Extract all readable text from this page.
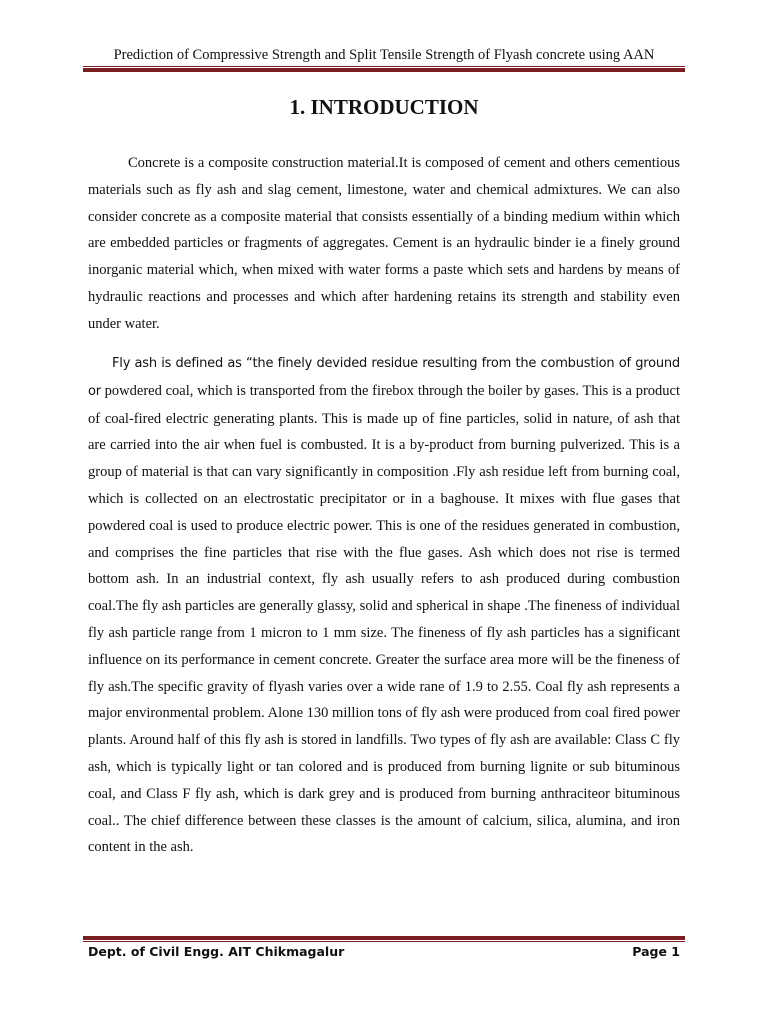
Prediction of Compressive Strength and Split Tensile Strength of Flyash concrete using AAN
1. INTRODUCTION

Concrete is a composite construction material.It is composed of cement and others cementious materials such as fly ash and slag cement, limestone, water and chemical admixtures. We can also consider concrete as a composite material that consists essentially of a binding medium within which are embedded particles or fragments of aggregates. Cement is an hydraulic binder ie a finely ground inorganic material which, when mixed with water forms a paste which sets and hardens by means of hydraulic reactions and processes and which after hardening retains its strength and stability even under water.

Fly ash is defined as “the finely devided residue resulting from the combustion of ground or powdered coal, which is transported from the firebox through the boiler by gases. This is a product of coal-fired electric generating plants. This is made up of fine particles, solid in nature, of ash that are carried into the air when fuel is combusted. It is a by-product from burning pulverized. This is a group of material is that can vary significantly in composition .Fly ash residue left from burning coal, which is collected on an electrostatic precipitator or in a baghouse. It mixes with flue gases that powdered coal is used to produce electric power. This is one of the residues generated in combustion, and comprises the fine particles that rise with the flue gases. Ash which does not rise is termed bottom ash. In an industrial context, fly ash usually refers to ash produced during combustion coal.The fly ash particles are generally glassy, solid and spherical in shape .The fineness of individual fly ash particle range from 1 micron to 1 mm size. The fineness of fly ash particles has a significant influence on its performance in cement concrete. Greater the surface area more will be the fineness of fly ash.The specific gravity of flyash varies over a wide rane of 1.9 to 2.55. Coal fly ash represents a major environmental problem. Alone 130 million tons of fly ash were produced from coal fired power plants. Around half of this fly ash is stored in landfills. Two types of fly ash are available: Class C fly ash, which is typically light or tan colored and is produced from burning lignite or sub bituminous coal, and Class F fly ash, which is dark grey and is produced from burning anthraciteor bituminous coal.. The chief difference between these classes is the amount of calcium, silica, alumina, and iron content in the ash.

Dept. of Civil Engg. AIT Chikmagalur	Page 1
